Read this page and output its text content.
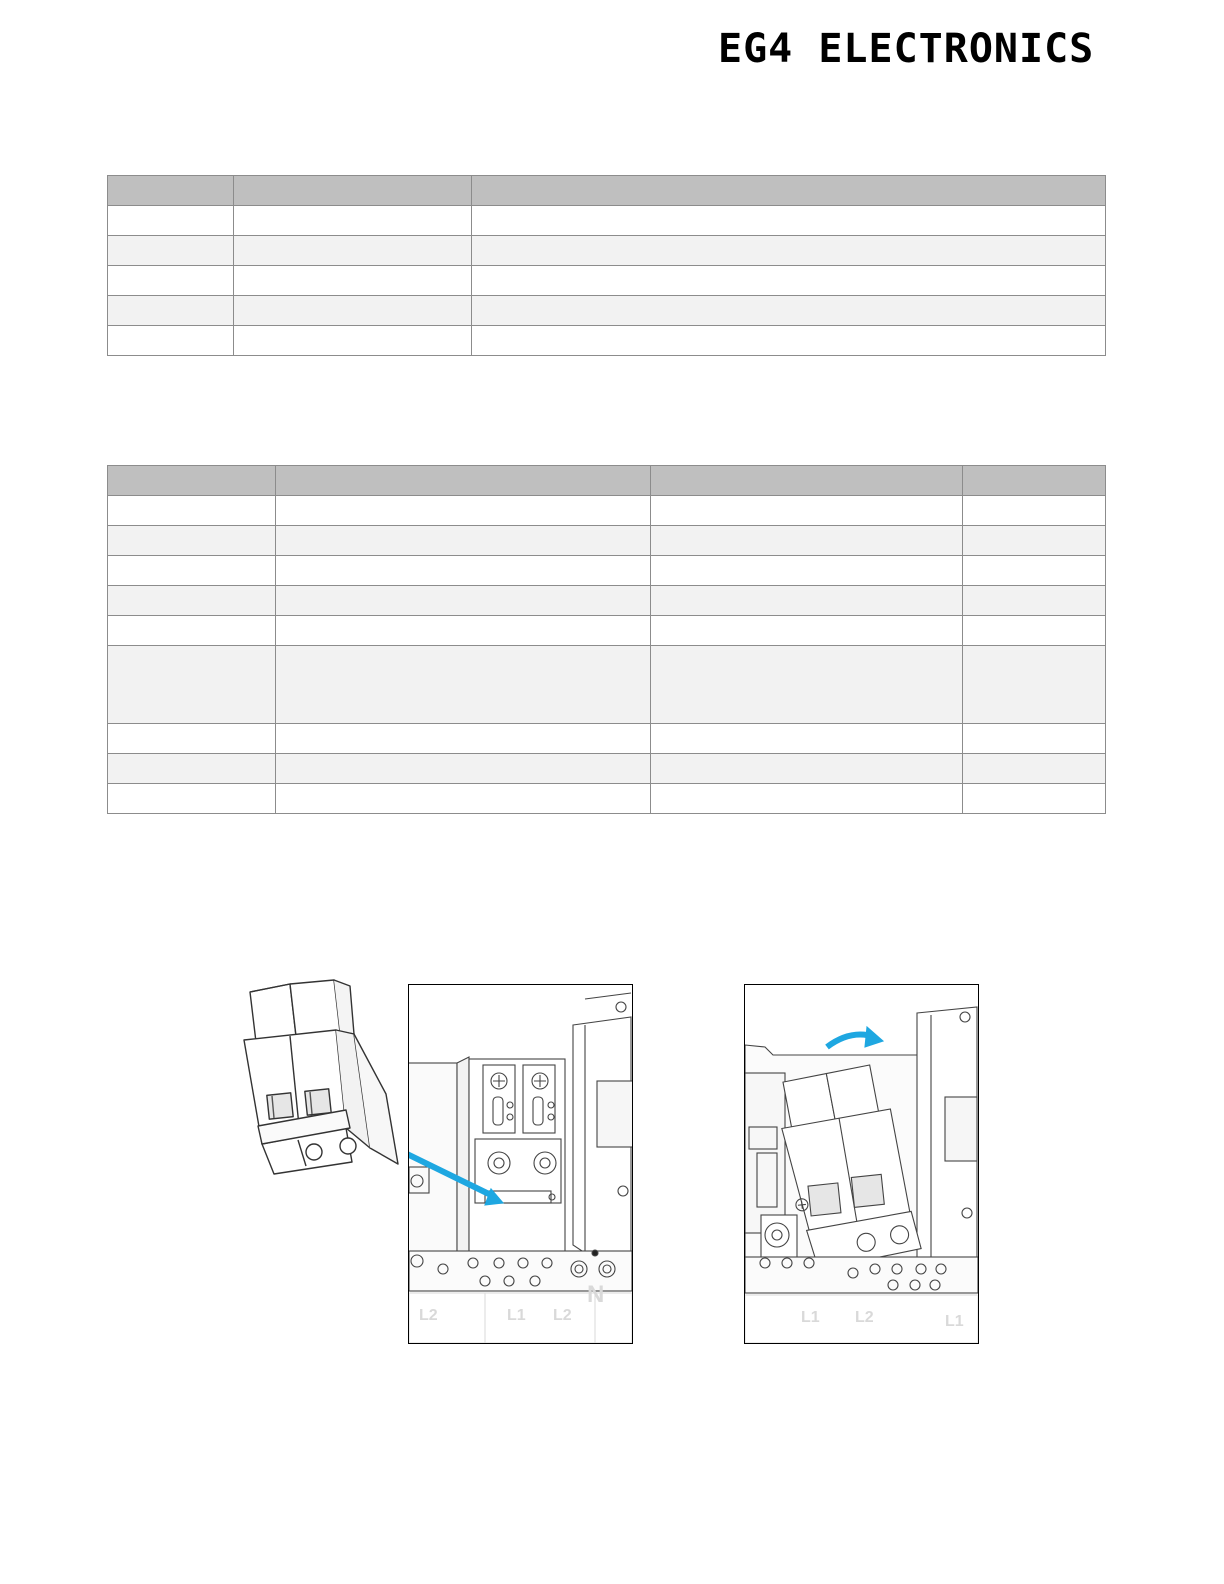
EG4 ELECTRONICS

L2	L1 L2
N
L1 L2	L1
